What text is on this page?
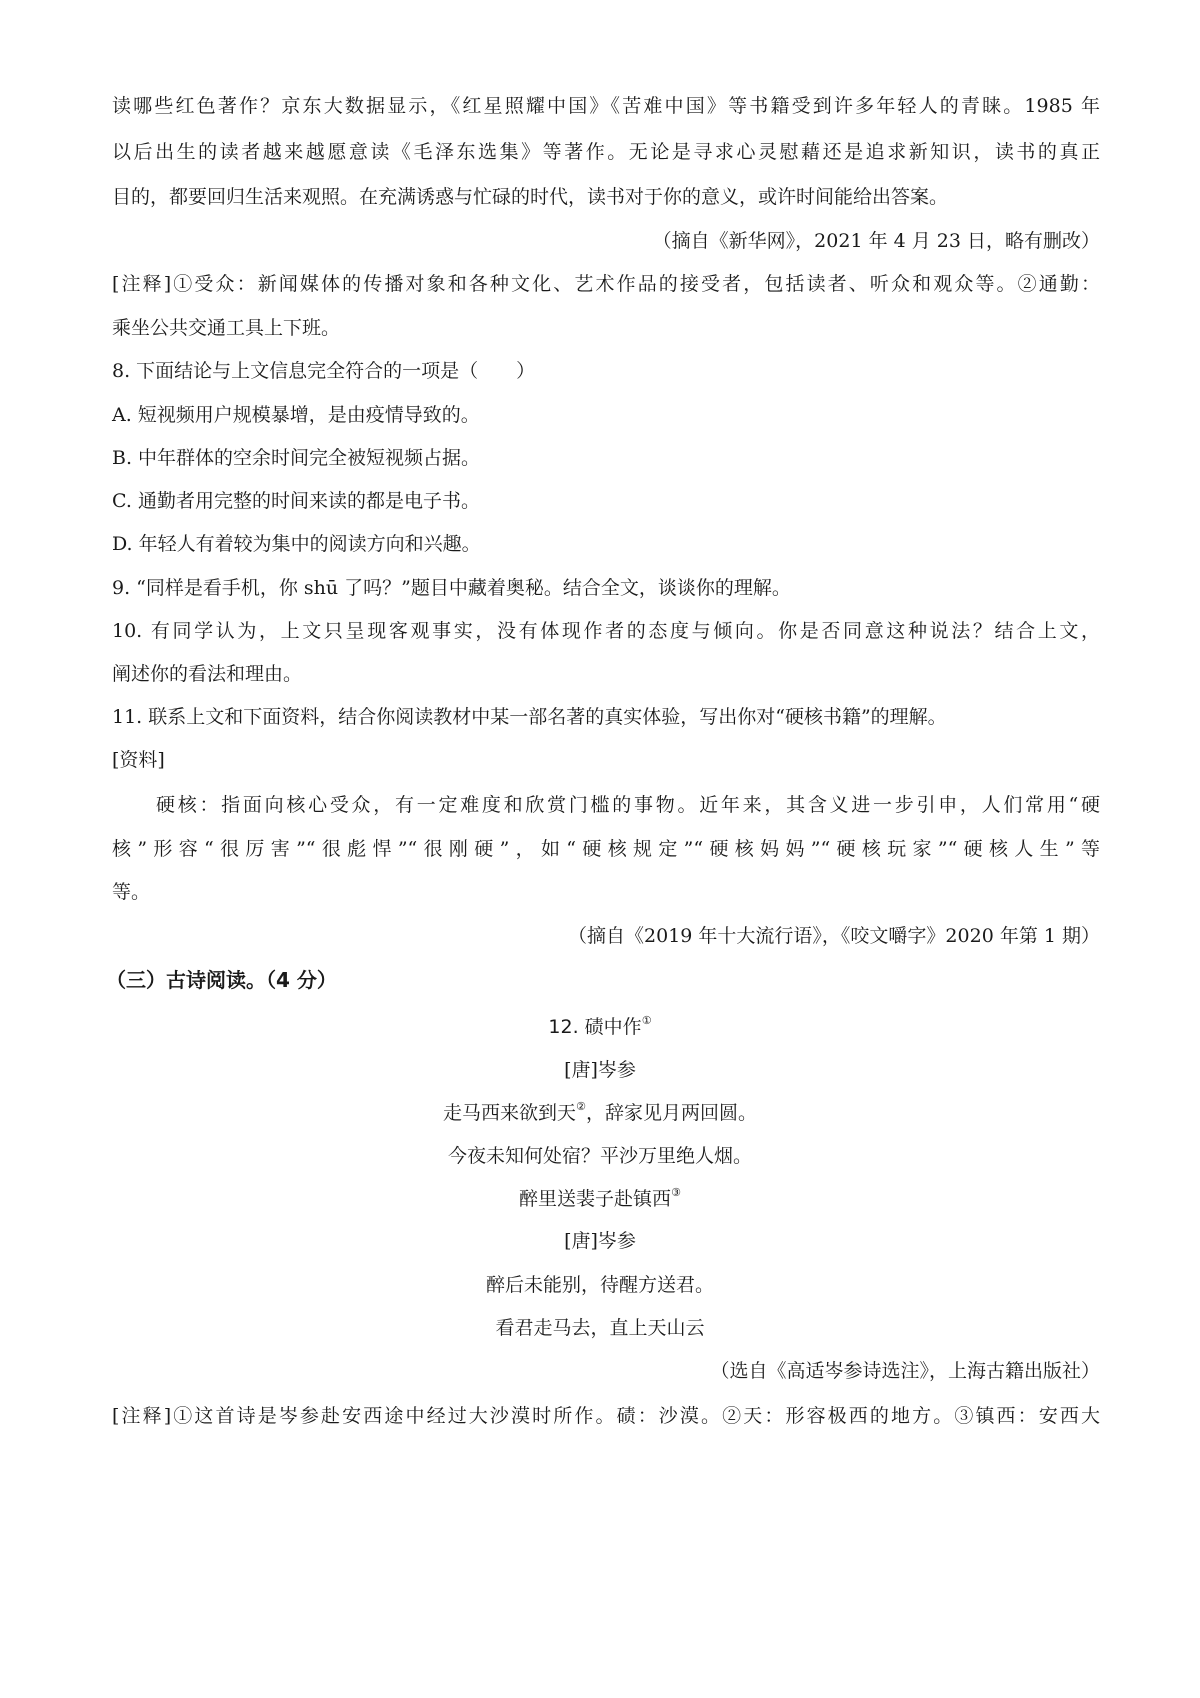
读哪些红色著作？京东大数据显示，《红星照耀中国》《苦难中国》等书籍受到许多年轻人的青睐。1985 年
以后出生的读者越来越愿意读《毛泽东选集》等著作。无论是寻求心灵慰藉还是追求新知识，读书的真正
目的，都要回归生活来观照。在充满诱惑与忙碌的时代，读书对于你的意义，或许时间能给出答案。
（摘自《新华网》，2021 年 4 月 23 日，略有删改）
[注释]①受众：新闻媒体的传播对象和各种文化、艺术作品的接受者，包括读者、听众和观众等。②通勤：
乘坐公共交通工具上下班。
8. 下面结论与上文信息完全符合的一项是（　　）
A. 短视频用户规模暴增，是由疫情导致的。
B. 中年群体的空余时间完全被短视频占据。
C. 通勤者用完整的时间来读的都是电子书。
D. 年轻人有着较为集中的阅读方向和兴趣。
9. “同样是看手机，你 shū 了吗？”题目中藏着奥秘。结合全文，谈谈你的理解。
10. 有同学认为，上文只呈现客观事实，没有体现作者的态度与倾向。你是否同意这种说法？结合上文，
阐述你的看法和理由。
11. 联系上文和下面资料，结合你阅读教材中某一部名著的真实体验，写出你对“硬核书籍”的理解。
[资料]
硬核：指面向核心受众，有一定难度和欣赏门槛的事物。近年来，其含义进一步引申，人们常用“硬
核”形容“很厉害”“很彪悍”“很刚硬”，如“硬核规定”“硬核妈妈”“硬核玩家”“硬核人生”等
等。
（摘自《2019 年十大流行语》，《咬文嚼字》2020 年第 1 期）
（三）古诗阅读。（4 分）
12. 碛中作①
[唐]岑参
走马西来欲到天②，辞家见月两回圆。
今夜未知何处宿？平沙万里绝人烟。
醉里送裴子赴镇西③
[唐]岑参
醉后未能别，待醒方送君。
看君走马去，直上天山云
（选自《高适岑参诗选注》，上海古籍出版社）
[注释]①这首诗是岑参赴安西途中经过大沙漠时所作。碛：沙漠。②天：形容极西的地方。③镇西：安西大
